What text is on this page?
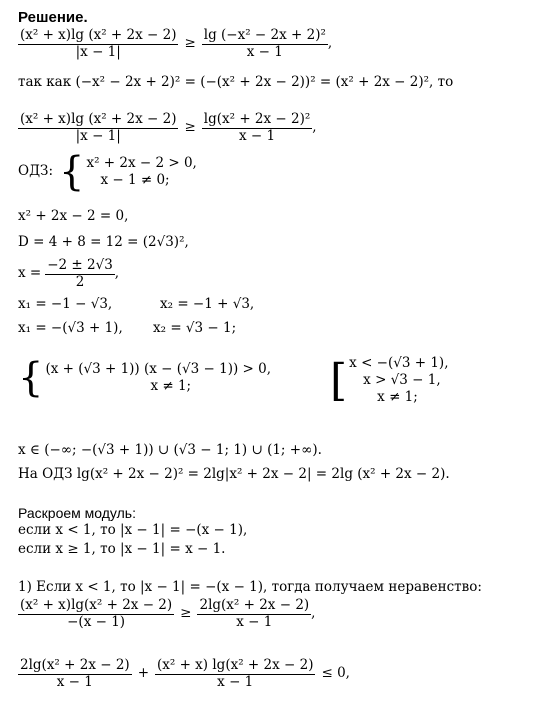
Решение.
$\frac{\text{(x² + x)lg (x² + 2x − 2)}}{|x - 1|} \ge \frac{\text{lg (−x² − 2x + 2)²}}{x - 1}$ ,
так как (−x² − 2x + 2)² = (−(x² + 2x − 2))² = (x² + 2x − 2)², то
$\frac{\text{(x² + x)lg (x² + 2x − 2)}}{|x - 1|} \ge \frac{\text{lg(x² + 2x − 2)²}}{x - 1}$ ,
ОДЗ: { x² + 2x − 2 > 0,
x − 1 ≠ 0;
x² + 2x − 2 = 0,
D = 4 + 8 = 12 = (2√3)²,
$x = \frac{-2 \pm 2√3}{2}$ ,
x₁ = −1 − √3,	x₂ = −1 + √3,
x₁ = −(√3 + 1), x₂ = √3 − 1;
{ (x + (√3 + 1)) (x − (√3 − 1)) > 0,
x ≠ 1;	[ x < −(√3 + 1),
x > √3 − 1,
x ≠ 1;
x ∈ (−∞; −(√3 + 1)) ∪ (√3 − 1; 1) ∪ (1; +∞).
На ОДЗ lg(x² + 2x − 2)² = 2lg|x² + 2x − 2| = 2lg (x² + 2x − 2).
Раскроем модуль:
если x < 1, то |x − 1| = −(x − 1),
если x ≥ 1, то |x − 1| = x − 1.
1) Если x < 1, то |x − 1| = −(x − 1), тогда получаем неравенство:
$\frac{\text{(x² + x)lg(x² + 2x − 2)}}{-(x - 1)} \ge \frac{\text{2lg(x² + 2x − 2)}}{x - 1}$ ,
$\frac{\text{2lg(x² + 2x − 2)}}{x - 1} + \frac{\text{(x² + x) lg(x² + 2x − 2)}}{x - 1} \le 0$,
